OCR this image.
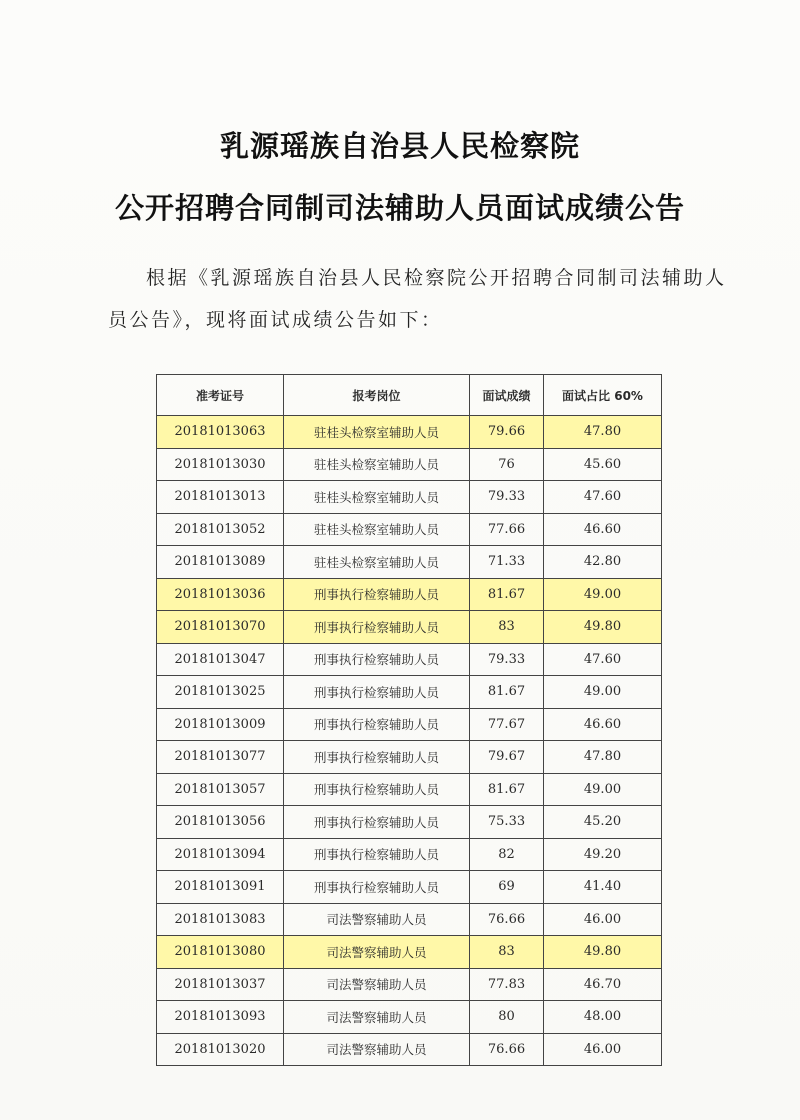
乳源瑶族自治县人民检察院
公开招聘合同制司法辅助人员面试成绩公告

根据《乳源瑶族自治县人民检察院公开招聘合同制司法辅助人员公告》，现将面试成绩公告如下：

准考证号	报考岗位	面试成绩	面试占比 60%
20181013063	驻桂头检察室辅助人员	79.66	47.80
20181013030	驻桂头检察室辅助人员	76	45.60
20181013013	驻桂头检察室辅助人员	79.33	47.60
20181013052	驻桂头检察室辅助人员	77.66	46.60
20181013089	驻桂头检察室辅助人员	71.33	42.80
20181013036	刑事执行检察辅助人员	81.67	49.00
20181013070	刑事执行检察辅助人员	83	49.80
20181013047	刑事执行检察辅助人员	79.33	47.60
20181013025	刑事执行检察辅助人员	81.67	49.00
20181013009	刑事执行检察辅助人员	77.67	46.60
20181013077	刑事执行检察辅助人员	79.67	47.80
20181013057	刑事执行检察辅助人员	81.67	49.00
20181013056	刑事执行检察辅助人员	75.33	45.20
20181013094	刑事执行检察辅助人员	82	49.20
20181013091	刑事执行检察辅助人员	69	41.40
20181013083	司法警察辅助人员	76.66	46.00
20181013080	司法警察辅助人员	83	49.80
20181013037	司法警察辅助人员	77.83	46.70
20181013093	司法警察辅助人员	80	48.00
20181013020	司法警察辅助人员	76.66	46.00
